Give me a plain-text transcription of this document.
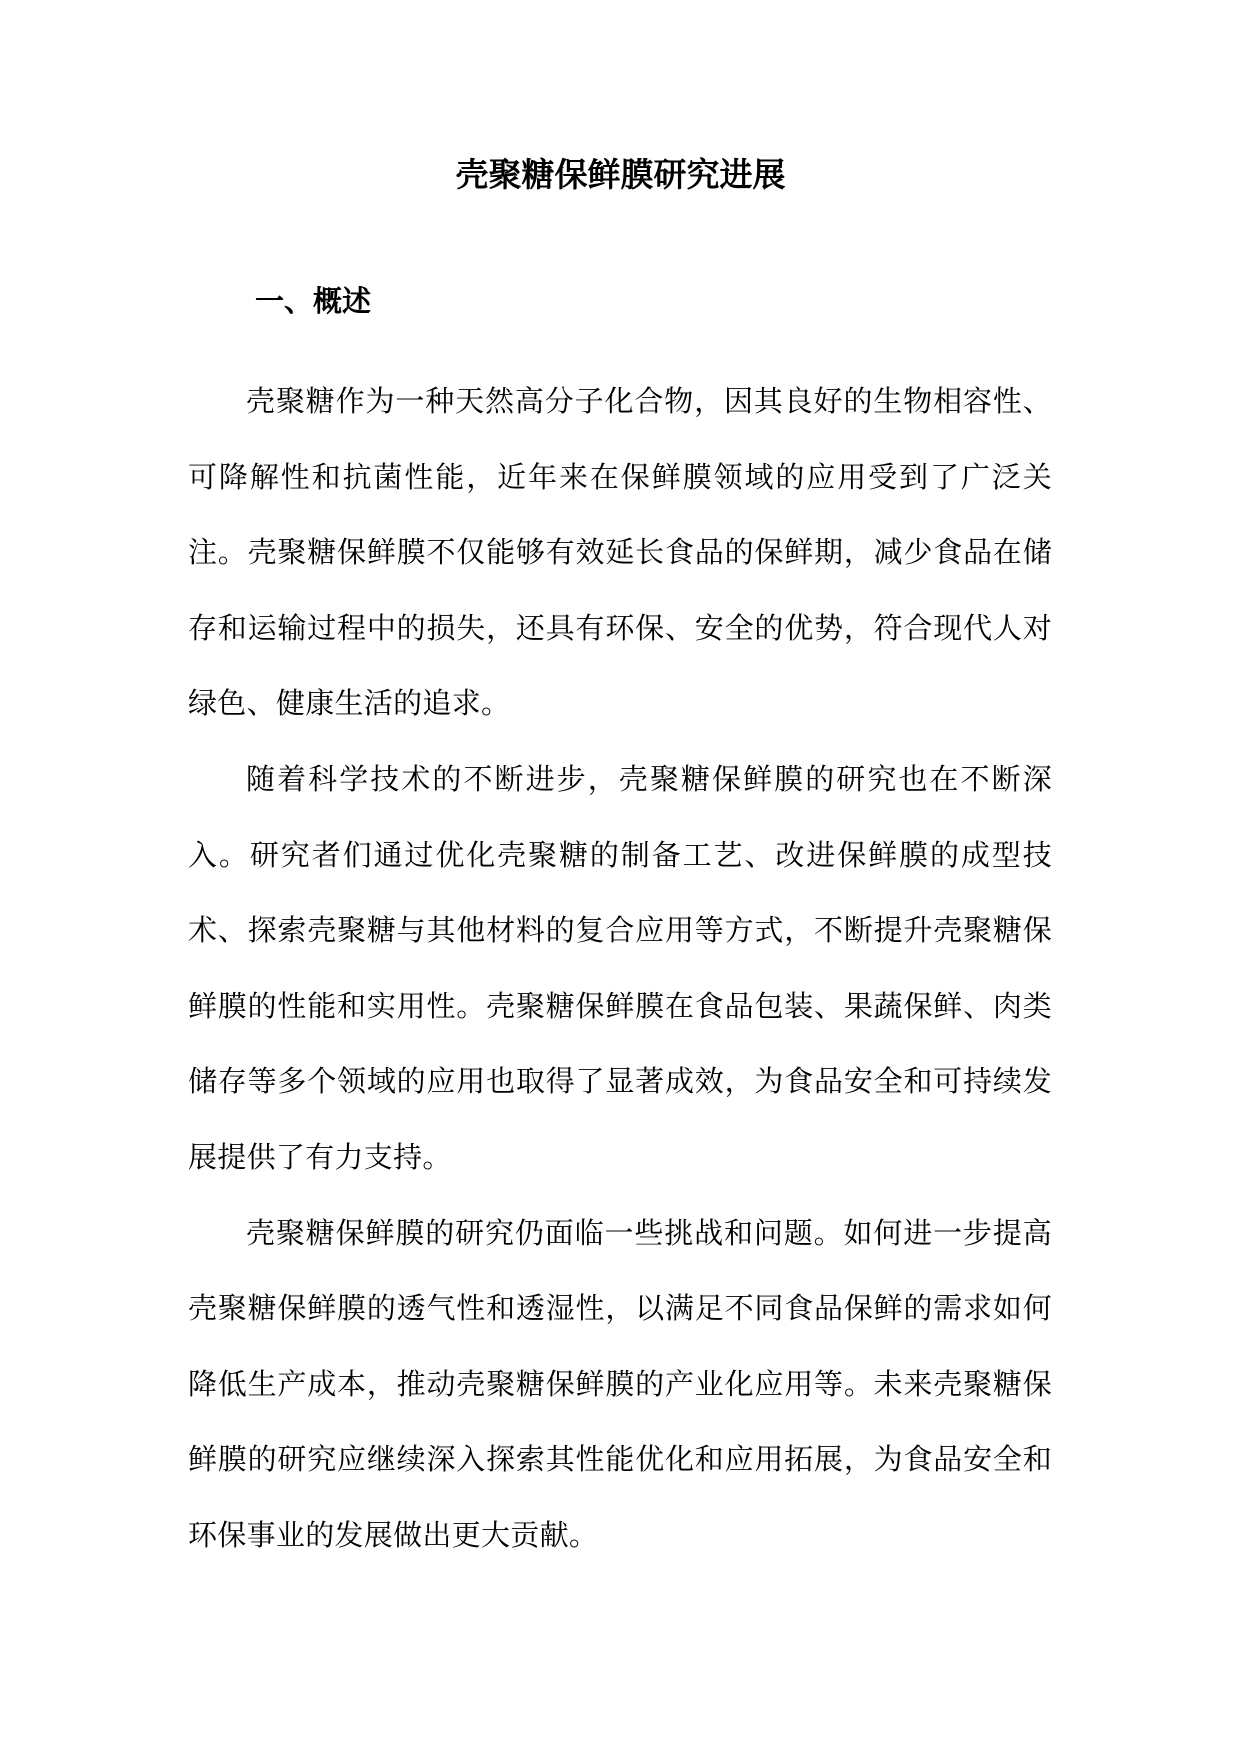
壳聚糖保鲜膜研究进展
一、概述

壳聚糖作为一种天然高分子化合物，因其良好的生物相容性、可降解性和抗菌性能，近年来在保鲜膜领域的应用受到了广泛关注。壳聚糖保鲜膜不仅能够有效延长食品的保鲜期，减少食品在储存和运输过程中的损失，还具有环保、安全的优势，符合现代人对绿色、健康生活的追求。

随着科学技术的不断进步，壳聚糖保鲜膜的研究也在不断深入。研究者们通过优化壳聚糖的制备工艺、改进保鲜膜的成型技术、探索壳聚糖与其他材料的复合应用等方式，不断提升壳聚糖保鲜膜的性能和实用性。壳聚糖保鲜膜在食品包装、果蔬保鲜、肉类储存等多个领域的应用也取得了显著成效，为食品安全和可持续发展提供了有力支持。

壳聚糖保鲜膜的研究仍面临一些挑战和问题。如何进一步提高壳聚糖保鲜膜的透气性和透湿性，以满足不同食品保鲜的需求如何降低生产成本，推动壳聚糖保鲜膜的产业化应用等。未来壳聚糖保鲜膜的研究应继续深入探索其性能优化和应用拓展，为食品安全和环保事业的发展做出更大贡献。
